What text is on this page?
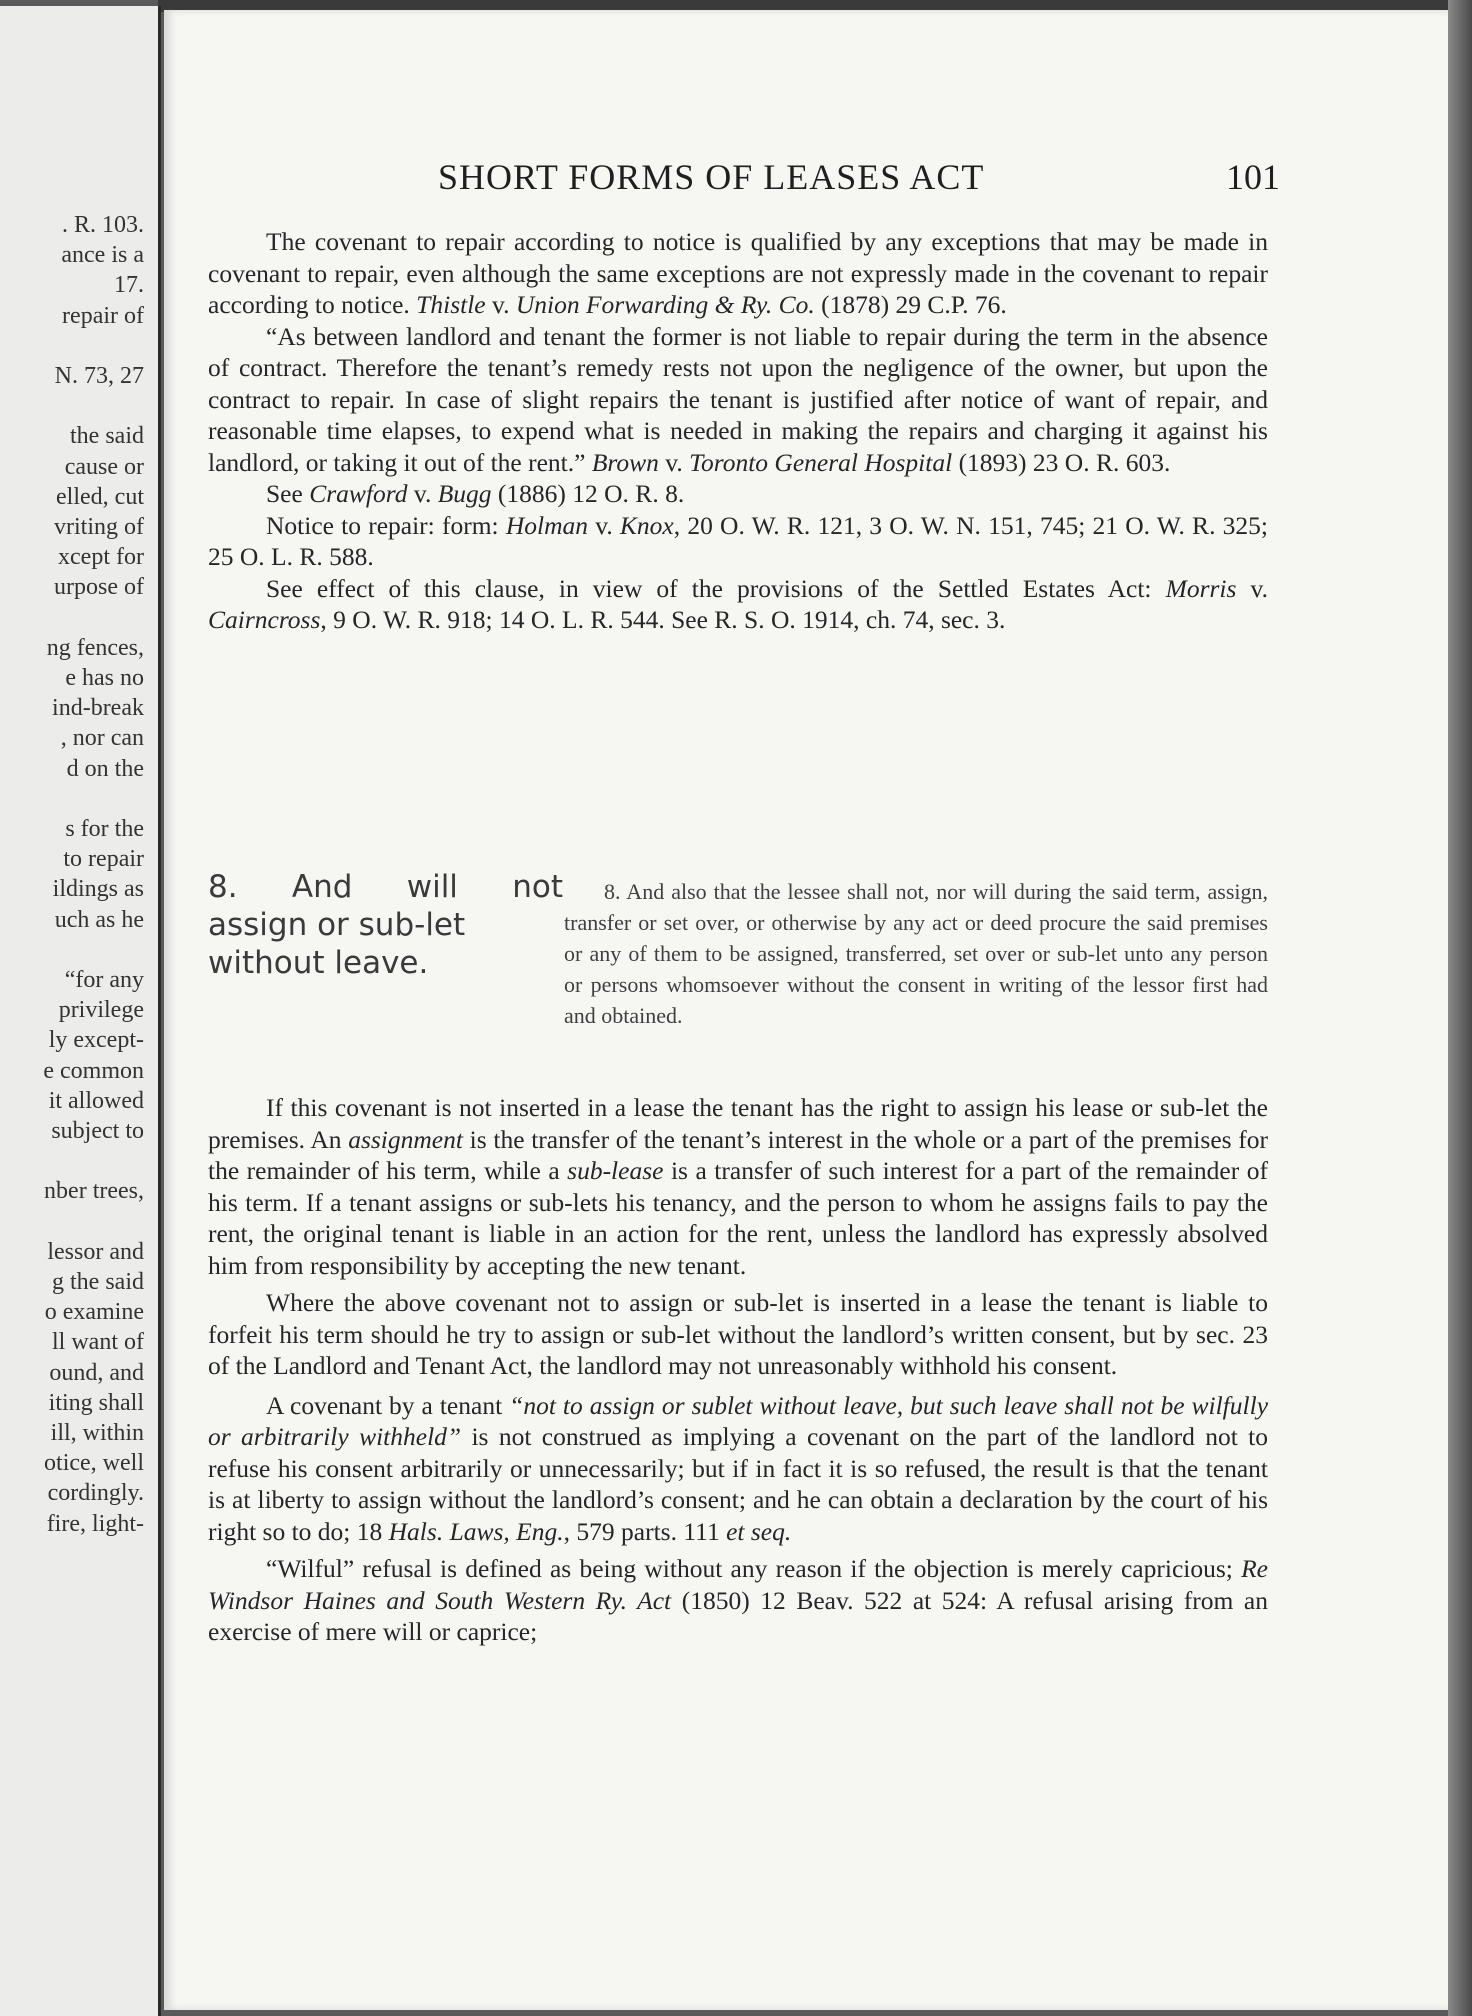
. R. 103.
ance is a
17.
repair of
N. 73, 27
the said
cause or
elled, cut
vriting of
xcept for
urpose of
ng fences,
e has no
ind-break
, nor can
d on the
s for the
to repair
ildings as
uch as he
“for any
privilege
ly except-
e common
it allowed
subject to
nber trees,
lessor and
g the said
o examine
ll want of
ound, and
iting shall
ill, within
otice, well
cordingly.
fire, light-
SHORT FORMS OF LEASES ACT	101

The covenant to repair according to notice is qualified by any exceptions that may be made in covenant to repair, even although the same exceptions are not expressly made in the covenant to repair according to notice. Thistle v. Union Forwarding & Ry. Co. (1878) 29 C.P. 76.

“As between landlord and tenant the former is not liable to repair during the term in the absence of contract. Therefore the tenant’s remedy rests not upon the negligence of the owner, but upon the contract to repair. In case of slight repairs the tenant is justified after notice of want of repair, and reasonable time elapses, to expend what is needed in making the repairs and charging it against his landlord, or taking it out of the rent.” Brown v. Toronto General Hospital (1893) 23 O. R. 603.

See Crawford v. Bugg (1886) 12 O. R. 8.

Notice to repair: form: Holman v. Knox, 20 O. W. R. 121, 3 O. W. N. 151, 745; 21 O. W. R. 325; 25 O. L. R. 588.

See effect of this clause, in view of the provisions of the Settled Estates Act: Morris v. Cairncross, 9 O. W. R. 918; 14 O. L. R. 544. See R. S. O. 1914, ch. 74, sec. 3.

8. And will not
assign or sub-let without leave.

8. And also that the lessee shall not, nor will during the said term, assign, transfer or set over, or otherwise by any act or deed procure the said premises or any of them to be assigned, transferred, set over or sub-let unto any person or persons whomsoever without the consent in writing of the lessor first had and obtained.

If this covenant is not inserted in a lease the tenant has the right to assign his lease or sub-let the premises. An assignment is the transfer of the tenant’s interest in the whole or a part of the premises for the remainder of his term, while a sub-lease is a transfer of such interest for a part of the remainder of his term. If a tenant assigns or sub-lets his tenancy, and the person to whom he assigns fails to pay the rent, the original tenant is liable in an action for the rent, unless the landlord has expressly absolved him from responsibility by accepting the new tenant.

Where the above covenant not to assign or sub-let is inserted in a lease the tenant is liable to forfeit his term should he try to assign or sub-let without the landlord’s written consent, but by sec. 23 of the Landlord and Tenant Act, the landlord may not unreasonably withhold his consent.

A covenant by a tenant “not to assign or sublet without leave, but such leave shall not be wilfully or arbitrarily withheld” is not construed as implying a covenant on the part of the landlord not to refuse his consent arbitrarily or unnecessarily; but if in fact it is so refused, the result is that the tenant is at liberty to assign without the landlord’s consent; and he can obtain a declaration by the court of his right so to do; 18 Hals. Laws, Eng., 579 parts. 111 et seq.

“Wilful” refusal is defined as being without any reason if the objection is merely capricious; Re Windsor Haines and South Western Ry. Act (1850) 12 Beav. 522 at 524: A refusal arising from an exercise of mere will or caprice;
